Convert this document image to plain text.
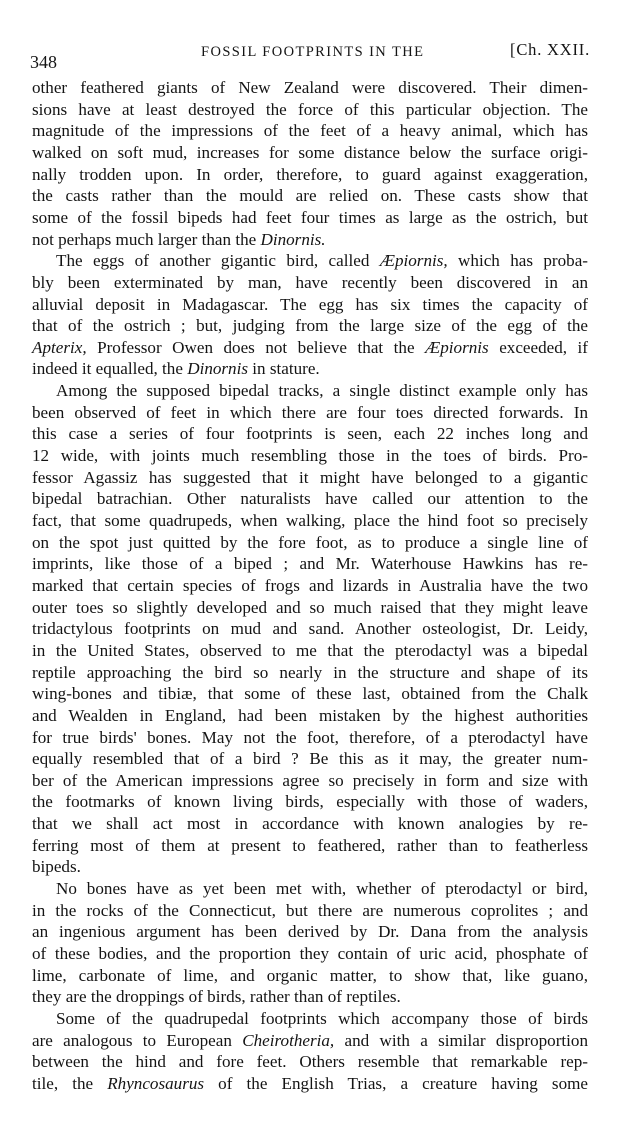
348	FOSSIL FOOTPRINTS IN THE	[Ch. XXII.
other feathered giants of New Zealand were discovered. Their dimen-
sions have at least destroyed the force of this particular objection. The
magnitude of the impressions of the feet of a heavy animal, which has
walked on soft mud, increases for some distance below the surface origi-
nally trodden upon. In order, therefore, to guard against exaggeration,
the casts rather than the mould are relied on. These casts show that
some of the fossil bipeds had feet four times as large as the ostrich, but
not perhaps much larger than the Dinornis.
The eggs of another gigantic bird, called Æpiornis, which has proba-
bly been exterminated by man, have recently been discovered in an
alluvial deposit in Madagascar. The egg has six times the capacity of
that of the ostrich ; but, judging from the large size of the egg of the
Apterix, Professor Owen does not believe that the Æpiornis exceeded, if
indeed it equalled, the Dinornis in stature.
Among the supposed bipedal tracks, a single distinct example only has
been observed of feet in which there are four toes directed forwards. In
this case a series of four footprints is seen, each 22 inches long and
12 wide, with joints much resembling those in the toes of birds. Pro-
fessor Agassiz has suggested that it might have belonged to a gigantic
bipedal batrachian. Other naturalists have called our attention to the
fact, that some quadrupeds, when walking, place the hind foot so precisely
on the spot just quitted by the fore foot, as to produce a single line of
imprints, like those of a biped ; and Mr. Waterhouse Hawkins has re-
marked that certain species of frogs and lizards in Australia have the two
outer toes so slightly developed and so much raised that they might leave
tridactylous footprints on mud and sand. Another osteologist, Dr. Leidy,
in the United States, observed to me that the pterodactyl was a bipedal
reptile approaching the bird so nearly in the structure and shape of its
wing-bones and tibiæ, that some of these last, obtained from the Chalk
and Wealden in England, had been mistaken by the highest authorities
for true birds' bones. May not the foot, therefore, of a pterodactyl have
equally resembled that of a bird ? Be this as it may, the greater num-
ber of the American impressions agree so precisely in form and size with
the footmarks of known living birds, especially with those of waders,
that we shall act most in accordance with known analogies by re-
ferring most of them at present to feathered, rather than to featherless
bipeds.
No bones have as yet been met with, whether of pterodactyl or bird,
in the rocks of the Connecticut, but there are numerous coprolites ; and
an ingenious argument has been derived by Dr. Dana from the analysis
of these bodies, and the proportion they contain of uric acid, phosphate of
lime, carbonate of lime, and organic matter, to show that, like guano,
they are the droppings of birds, rather than of reptiles.
Some of the quadrupedal footprints which accompany those of birds
are analogous to European Cheirotheria, and with a similar disproportion
between the hind and fore feet. Others resemble that remarkable rep-
tile, the Rhyncosaurus of the English Trias, a creature having some
